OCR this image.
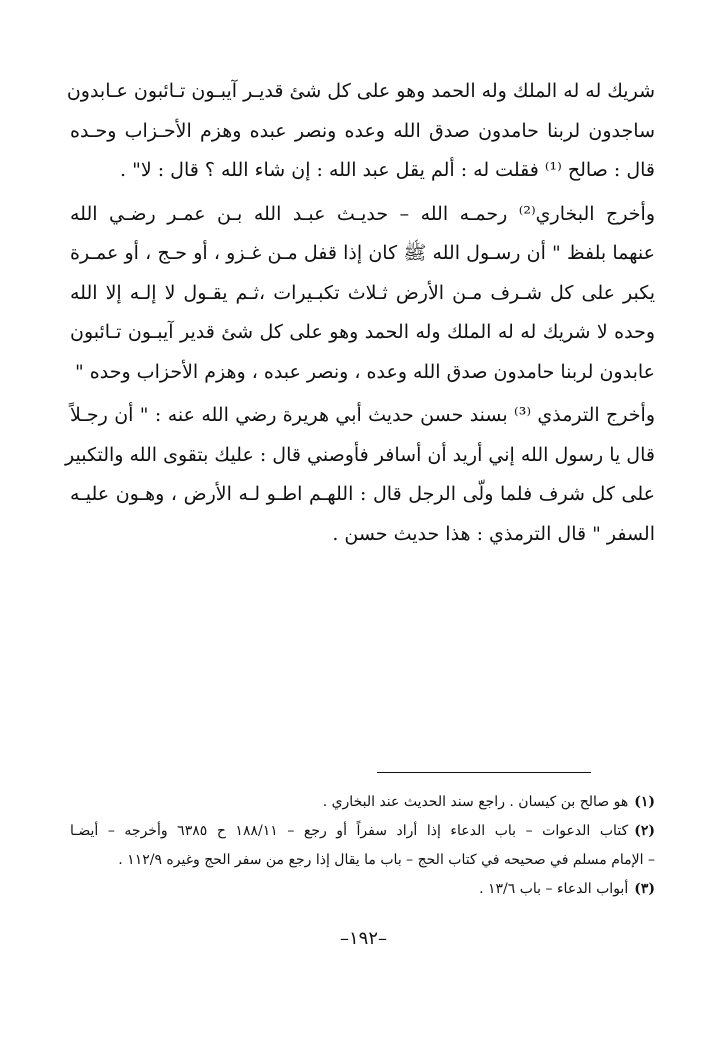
شريك له له الملك وله الحمد وهو على كل شئ قديـر آيبـون تـائبون عـابدون
ساجدون لربنا حامدون صدق الله وعده ونصر عبده وهزم الأحـزاب وحـده
قال : صالح ⁽¹⁾ فقلت له : ألم يقل عبد الله : إن شاء الله ؟ قال : لا" .
وأخرج البخاري⁽²⁾ رحمـه الله – حديـث عبـد الله بـن عمـر رضـي الله
عنهما بلفظ " أن رسـول الله ﷺ كان إذا قفل مـن غـزو ، أو حـج ، أو عمـرة
يكبر على كل شـرف مـن الأرض ثـلاث تكبـيرات ،ثـم يقـول لا إلـه إلا الله
وحده لا شريك له له الملك وله الحمد وهو على كل شئ قدير آيبـون تـائبون
عابدون لربنا حامدون صدق الله وعده ، ونصر عبده ، وهزم الأحزاب وحده "
وأخرج الترمذي ⁽³⁾ بسند حسن حديث أبي هريرة رضي الله عنه : " أن رجـلاً
قال يا رسول الله إني أريد أن أسافر فأوصني قال : عليك بتقوى الله والتكبير
على كل شرف فلما ولّى الرجل قال : اللهـم اطـو لـه الأرض ، وهـون عليـه
السفر " قال الترمذي : هذا حديث حسن .
(١)هو صالح بن كيسان . راجع سند الحديث عند البخاري .
(٢)كتاب الدعوات – باب الدعاء إذا أراد سفراً أو رجع – ١٨٨/١١ ح ٦٣٨٥ وأخرجه – أيضـا
– الإمام مسلم في صحيحه في كتاب الحج – باب ما يقال إذا رجع من سفر الحج وغيره ١١٢/٩ .
(٣)أبواب الدعاء – باب ١٣/٦ .
–١٩٢–
